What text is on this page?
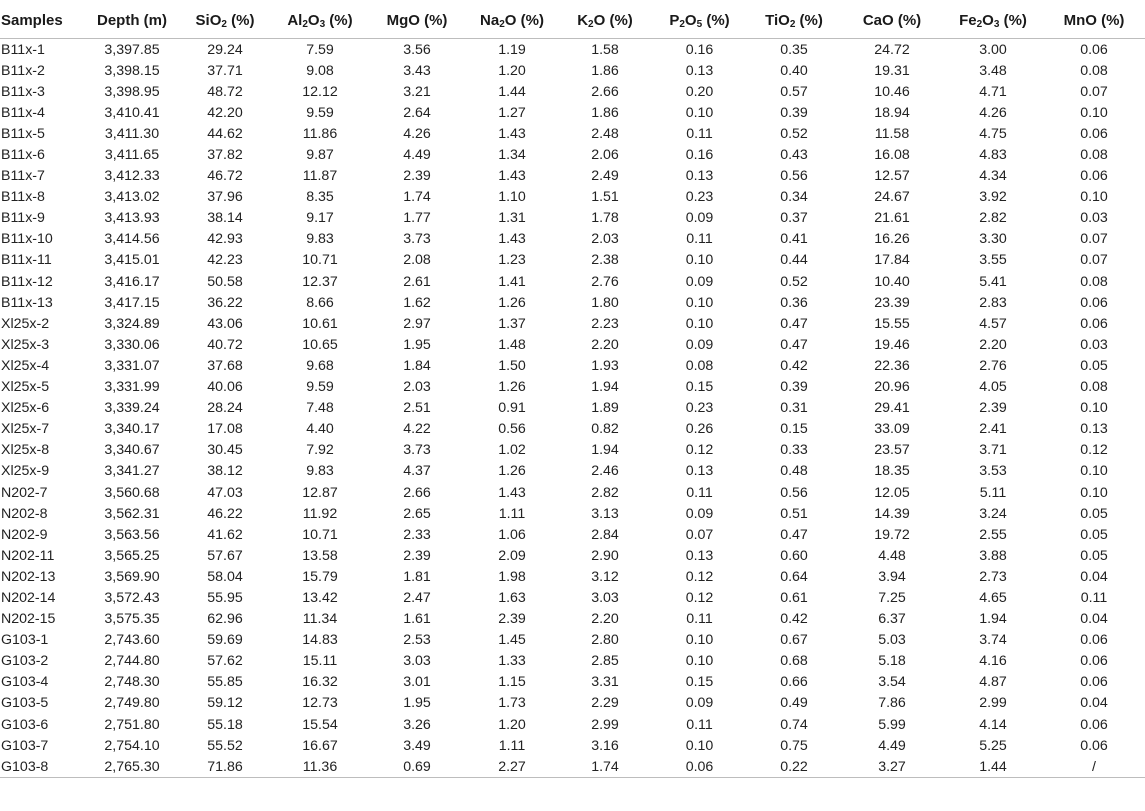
Samples	Depth (m)	SiO$_2$ (%)	$Al_2O_3$ (%)	MgO (%)	$Na_2O$ (%)	$K_2O$ (%)	$P_2O_5$ (%)	TiO$_2$ (%)	CaO (%)	$Fe_2O_3$ (%)	MnO (%)
B11x-1	3,397.85	29.24	7.59	3.56	1.19	1.58	0.16	0.35	24.72	3.00	0.06
B11x-2	3,398.15	37.71	9.08	3.43	1.20	1.86	0.13	0.40	19.31	3.48	0.08
B11x-3	3,398.95	48.72	12.12	3.21	1.44	2.66	0.20	0.57	10.46	4.71	0.07
B11x-4	3,410.41	42.20	9.59	2.64	1.27	1.86	0.10	0.39	18.94	4.26	0.10
B11x-5	3,411.30	44.62	11.86	4.26	1.43	2.48	0.11	0.52	11.58	4.75	0.06
B11x-6	3,411.65	37.82	9.87	4.49	1.34	2.06	0.16	0.43	16.08	4.83	0.08
B11x-7	3,412.33	46.72	11.87	2.39	1.43	2.49	0.13	0.56	12.57	4.34	0.06
B11x-8	3,413.02	37.96	8.35	1.74	1.10	1.51	0.23	0.34	24.67	3.92	0.10
B11x-9	3,413.93	38.14	9.17	1.77	1.31	1.78	0.09	0.37	21.61	2.82	0.03
B11x-10	3,414.56	42.93	9.83	3.73	1.43	2.03	0.11	0.41	16.26	3.30	0.07
B11x-11	3,415.01	42.23	10.71	2.08	1.23	2.38	0.10	0.44	17.84	3.55	0.07
B11x-12	3,416.17	50.58	12.37	2.61	1.41	2.76	0.09	0.52	10.40	5.41	0.08
B11x-13	3,417.15	36.22	8.66	1.62	1.26	1.80	0.10	0.36	23.39	2.83	0.06
Xl25x-2	3,324.89	43.06	10.61	2.97	1.37	2.23	0.10	0.47	15.55	4.57	0.06
Xl25x-3	3,330.06	40.72	10.65	1.95	1.48	2.20	0.09	0.47	19.46	2.20	0.03
Xl25x-4	3,331.07	37.68	9.68	1.84	1.50	1.93	0.08	0.42	22.36	2.76	0.05
Xl25x-5	3,331.99	40.06	9.59	2.03	1.26	1.94	0.15	0.39	20.96	4.05	0.08
Xl25x-6	3,339.24	28.24	7.48	2.51	0.91	1.89	0.23	0.31	29.41	2.39	0.10
Xl25x-7	3,340.17	17.08	4.40	4.22	0.56	0.82	0.26	0.15	33.09	2.41	0.13
Xl25x-8	3,340.67	30.45	7.92	3.73	1.02	1.94	0.12	0.33	23.57	3.71	0.12
Xl25x-9	3,341.27	38.12	9.83	4.37	1.26	2.46	0.13	0.48	18.35	3.53	0.10
N202-7	3,560.68	47.03	12.87	2.66	1.43	2.82	0.11	0.56	12.05	5.11	0.10
N202-8	3,562.31	46.22	11.92	2.65	1.11	3.13	0.09	0.51	14.39	3.24	0.05
N202-9	3,563.56	41.62	10.71	2.33	1.06	2.84	0.07	0.47	19.72	2.55	0.05
N202-11	3,565.25	57.67	13.58	2.39	2.09	2.90	0.13	0.60	4.48	3.88	0.05
N202-13	3,569.90	58.04	15.79	1.81	1.98	3.12	0.12	0.64	3.94	2.73	0.04
N202-14	3,572.43	55.95	13.42	2.47	1.63	3.03	0.12	0.61	7.25	4.65	0.11
N202-15	3,575.35	62.96	11.34	1.61	2.39	2.20	0.11	0.42	6.37	1.94	0.04
G103-1	2,743.60	59.69	14.83	2.53	1.45	2.80	0.10	0.67	5.03	3.74	0.06
G103-2	2,744.80	57.62	15.11	3.03	1.33	2.85	0.10	0.68	5.18	4.16	0.06
G103-4	2,748.30	55.85	16.32	3.01	1.15	3.31	0.15	0.66	3.54	4.87	0.06
G103-5	2,749.80	59.12	12.73	1.95	1.73	2.29	0.09	0.49	7.86	2.99	0.04
G103-6	2,751.80	55.18	15.54	3.26	1.20	2.99	0.11	0.74	5.99	4.14	0.06
G103-7	2,754.10	55.52	16.67	3.49	1.11	3.16	0.10	0.75	4.49	5.25	0.06
G103-8	2,765.30	71.86	11.36	0.69	2.27	1.74	0.06	0.22	3.27	1.44	/
